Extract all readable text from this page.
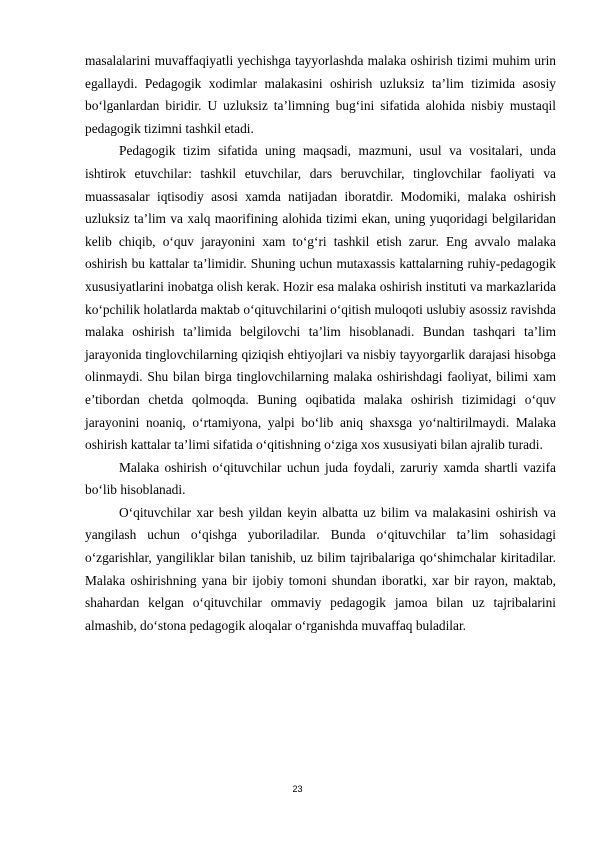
masalalarini muvaffaqiyatli yechishga tayyorlashda malaka oshirish tizimi muhim urin egallaydi. Pedagogik xodimlar malakasini oshirish uzluksiz ta’lim tizimida asosiy bo‘lganlardan biridir. U uzluksiz ta’limning bug‘ini sifatida alohida nisbiy mustaqil pedagogik tizimni tashkil etadi.

Pedagogik tizim sifatida uning maqsadi, mazmuni, usul va vositalari, unda ishtirok etuvchilar: tashkil etuvchilar, dars beruvchilar, tinglovchilar faoliyati va muassasalar iqtisodiy asosi xamda natijadan iboratdir. Modomiki, malaka oshirish uzluksiz ta’lim va xalq maorifining alohida tizimi ekan, uning yuqoridagi belgilaridan kelib chiqib, o‘quv jarayonini xam to‘g‘ri tashkil etish zarur. Eng avvalo malaka oshirish bu kattalar ta’limidir. Shuning uchun mutaxassis kattalarning ruhiy-pedagogik xususiyatlarini inobatga olish kerak. Hozir esa malaka oshirish instituti va markazlarida ko‘pchilik holatlarda maktab o‘qituvchilarini o‘qitish muloqoti uslubiy asossiz ravishda malaka oshirish ta’limida belgilovchi ta’lim hisoblanadi. Bundan tashqari ta’lim jarayonida tinglovchilarning qiziqish ehtiyojlari va nisbiy tayyorgarlik darajasi hisobga olinmaydi. Shu bilan birga tinglovchilarning malaka oshirishdagi faoliyat, bilimi xam e’tibordan chetda qolmoqda. Buning oqibatida malaka oshirish tizimidagi o‘quv jarayonini noaniq, o‘rtamiyona, yalpi bo‘lib aniq shaxsga yo‘naltirilmaydi. Malaka oshirish kattalar ta’limi sifatida o‘qitishning o‘ziga xos xususiyati bilan ajralib turadi.

Malaka oshirish o‘qituvchilar uchun juda foydali, zaruriy xamda shartli vazifa bo‘lib hisoblanadi.

O‘qituvchilar xar besh yildan keyin albatta uz bilim va malakasini oshirish va yangilash uchun o‘qishga yuboriladilar. Bunda o‘qituvchilar ta’lim sohasidagi o‘zgarishlar, yangiliklar bilan tanishib, uz bilim tajribalariga qo‘shimchalar kiritadilar. Malaka oshirishning yana bir ijobiy tomoni shundan iboratki, xar bir rayon, maktab, shahardan kelgan o‘qituvchilar ommaviy pedagogik jamoa bilan uz tajribalarini almashib, do‘stona pedagogik aloqalar o‘rganishda muvaffaq buladilar.

23
